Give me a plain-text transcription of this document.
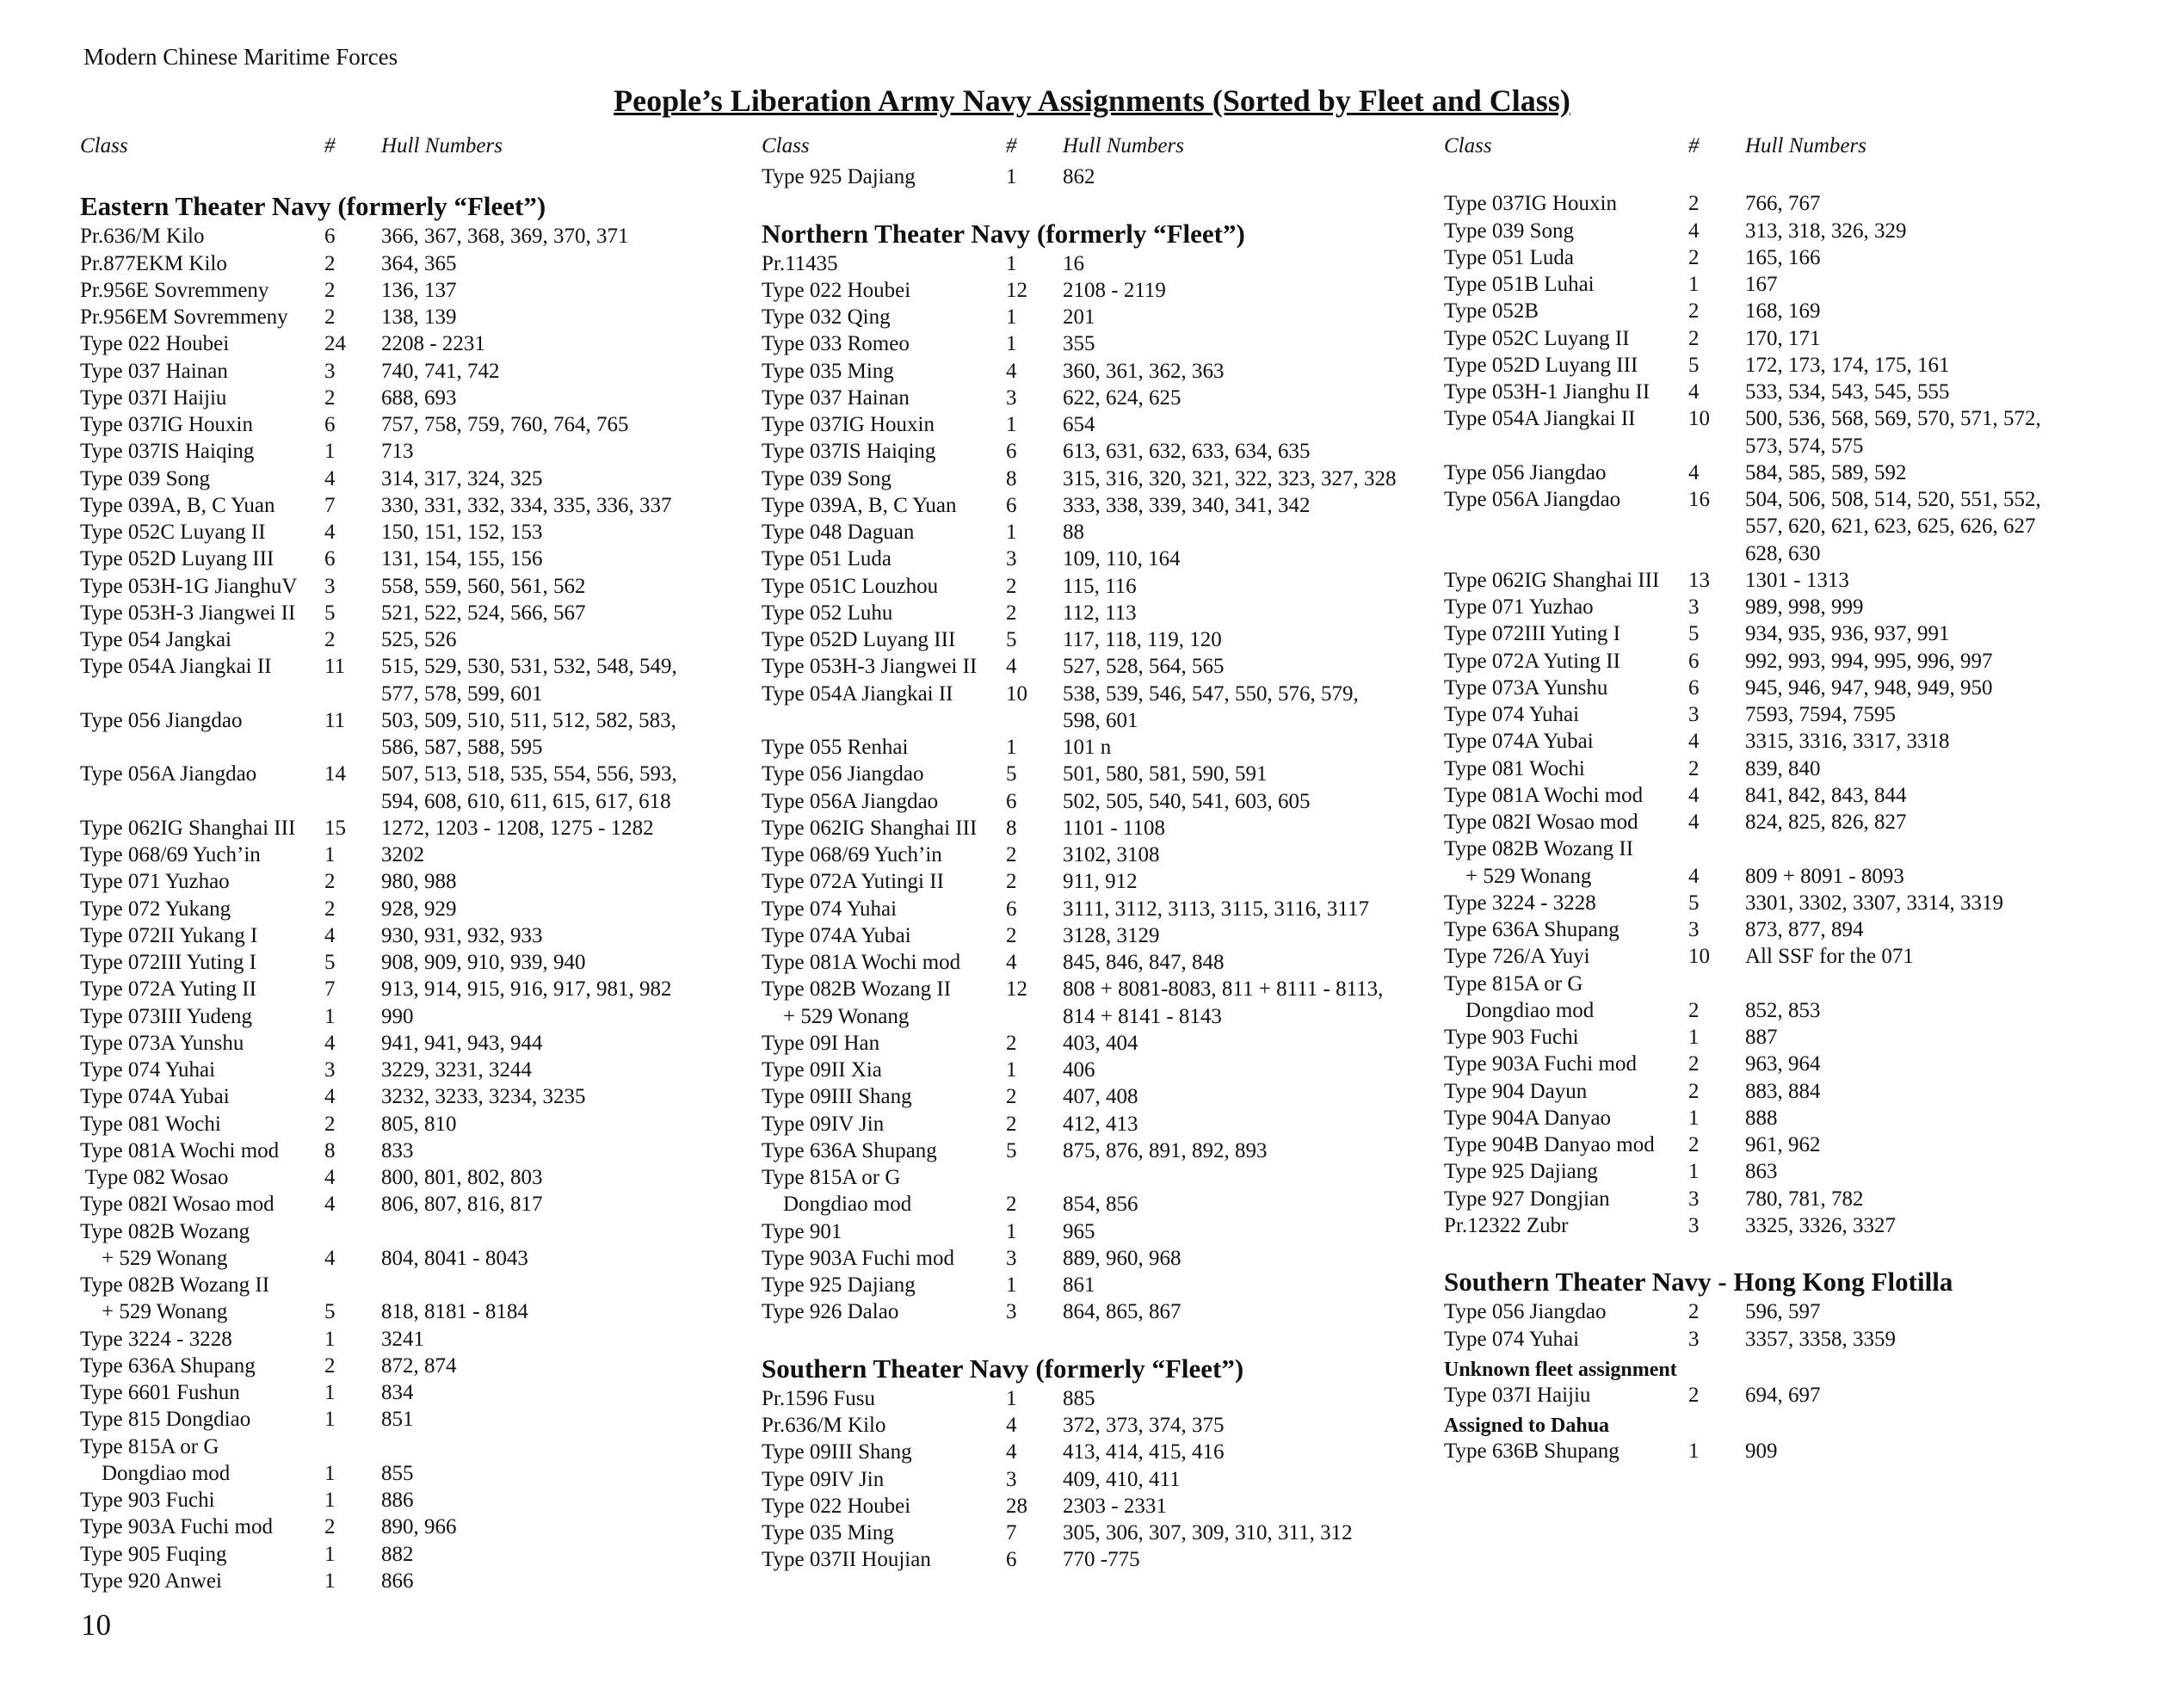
Modern Chinese Maritime Forces
People’s Liberation Army Navy Assignments (Sorted by Fleet and Class)
Class	# Hull Numbers
Eastern Theater Navy (formerly “Fleet”)
Pr.636/M Kilo	6 366, 367, 368, 369, 370, 371
Pr.877EKM Kilo	2 364, 365
Pr.956E Sovremmeny	2 136, 137
Pr.956EM Sovremmeny 2 138, 139
Type 022 Houbei	24 2208 - 2231
Type 037 Hainan	3 740, 741, 742
Type 037I Haijiu	2 688, 693
Type 037IG Houxin	6 757, 758, 759, 760, 764, 765
Type 037IS Haiqing	1 713
Type 039 Song	4 314, 317, 324, 325
Type 039A, B, C Yuan 7 330, 331, 332, 334, 335, 336, 337
Type 052C Luyang II	4 150, 151, 152, 153
Type 052D Luyang III 6 131, 154, 155, 156
Type 053H-1G JianghuV 3 558, 559, 560, 561, 562
Type 053H-3 Jiangwei II 5 521, 522, 524, 566, 567
Type 054 Jangkai	2 525, 526
Type 054A Jiangkai II 11 515, 529, 530, 531, 532, 548, 549,
577, 578, 599, 601
Type 056 Jiangdao	11 503, 509, 510, 511, 512, 582, 583,
586, 587, 588, 595
Type 056A Jiangdao	14 507, 513, 518, 535, 554, 556, 593,
594, 608, 610, 611, 615, 617, 618
Type 062IG Shanghai III 15 1272, 1203 - 1208, 1275 - 1282
Type 068/69 Yuch’in	1 3202
Type 071 Yuzhao	2 980, 988
Type 072 Yukang	2 928, 929
Type 072II Yukang I	4 930, 931, 932, 933
Type 072III Yuting I	5 908, 909, 910, 939, 940
Type 072A Yuting II	7 913, 914, 915, 916, 917, 981, 982
Type 073III Yudeng	1 990
Type 073A Yunshu	4 941, 941, 943, 944
Type 074 Yuhai	3 3229, 3231, 3244
Type 074A Yubai	4 3232, 3233, 3234, 3235
Type 081 Wochi	2 805, 810
Type 081A Wochi mod 8 833
Type 082 Wosao	4 800, 801, 802, 803
Type 082I Wosao mod 4 806, 807, 816, 817
Type 082B Wozang
+ 529 Wonang	4 804, 8041 - 8043
Type 082B Wozang II
+ 529 Wonang	5 818, 8181 - 8184
Type 3224 - 3228	1 3241
Type 636A Shupang	2 872, 874
Type 6601 Fushun	1 834
Type 815 Dongdiao	1 851
Type 815A or G
Dongdiao mod	1 855
Type 903 Fuchi	1 886
Type 903A Fuchi mod 2 890, 966
Type 905 Fuqing	1 882
Type 920 Anwei	1 866
Class	# Hull Numbers
Type 925 Dajiang	1 862
Northern Theater Navy (formerly “Fleet”)
Pr.11435	1 16
Type 022 Houbei	12 2108 - 2119
Type 032 Qing	1 201
Type 033 Romeo	1 355
Type 035 Ming	4 360, 361, 362, 363
Type 037 Hainan	3 622, 624, 625
Type 037IG Houxin	1 654
Type 037IS Haiqing	6 613, 631, 632, 633, 634, 635
Type 039 Song	8 315, 316, 320, 321, 322, 323, 327, 328
Type 039A, B, C Yuan 6 333, 338, 339, 340, 341, 342
Type 048 Daguan	1 88
Type 051 Luda	3 109, 110, 164
Type 051C Louzhou	2 115, 116
Type 052 Luhu	2 112, 113
Type 052D Luyang III 5 117, 118, 119, 120
Type 053H-3 Jiangwei II 4 527, 528, 564, 565
Type 054A Jiangkai II 10 538, 539, 546, 547, 550, 576, 579,
598, 601
Type 055 Renhai	1 101 n
Type 056 Jiangdao	5 501, 580, 581, 590, 591
Type 056A Jiangdao	6 502, 505, 540, 541, 603, 605
Type 062IG Shanghai III 8 1101 - 1108
Type 068/69 Yuch’in	2 3102, 3108
Type 072A Yutingi II	2 911, 912
Type 074 Yuhai	6 3111, 3112, 3113, 3115, 3116, 3117
Type 074A Yubai	2 3128, 3129
Type 081A Wochi mod 4 845, 846, 847, 848
Type 082B Wozang II	12 808 + 8081-8083, 811 + 8111 - 8113,
+ 529 Wonang	814 + 8141 - 8143
Type 09I Han	2 403, 404
Type 09II Xia	1 406
Type 09III Shang	2 407, 408
Type 09IV Jin	2 412, 413
Type 636A Shupang	5 875, 876, 891, 892, 893
Type 815A or G
Dongdiao mod	2 854, 856
Type 901	1 965
Type 903A Fuchi mod 3 889, 960, 968
Type 925 Dajiang	1 861
Type 926 Dalao	3 864, 865, 867
Southern Theater Navy (formerly “Fleet”)
Pr.1596 Fusu	1 885
Pr.636/M Kilo	4 372, 373, 374, 375
Type 09III Shang	4 413, 414, 415, 416
Type 09IV Jin	3 409, 410, 411
Type 022 Houbei	28 2303 - 2331
Type 035 Ming	7 305, 306, 307, 309, 310, 311, 312
Type 037II Houjian	6 770 -775
Class	# Hull Numbers
Type 037IG Houxin	2 766, 767
Type 039 Song	4 313, 318, 326, 329
Type 051 Luda	2 165, 166
Type 051B Luhai	1 167
Type 052B	2 168, 169
Type 052C Luyang II	2 170, 171
Type 052D Luyang III 5 172, 173, 174, 175, 161
Type 053H-1 Jianghu II 4 533, 534, 543, 545, 555
Type 054A Jiangkai II 10 500, 536, 568, 569, 570, 571, 572,
573, 574, 575
Type 056 Jiangdao	4 584, 585, 589, 592
Type 056A Jiangdao	16 504, 506, 508, 514, 520, 551, 552,
557, 620, 621, 623, 625, 626, 627
628, 630
Type 062IG Shanghai III 13 1301 - 1313
Type 071 Yuzhao	3 989, 998, 999
Type 072III Yuting I	5 934, 935, 936, 937, 991
Type 072A Yuting II	6 992, 993, 994, 995, 996, 997
Type 073A Yunshu	6 945, 946, 947, 948, 949, 950
Type 074 Yuhai	3 7593, 7594, 7595
Type 074A Yubai	4 3315, 3316, 3317, 3318
Type 081 Wochi	2 839, 840
Type 081A Wochi mod 4 841, 842, 843, 844
Type 082I Wosao mod 4 824, 825, 826, 827
Type 082B Wozang II
+ 529 Wonang	4 809 + 8091 - 8093
Type 3224 - 3228	5 3301, 3302, 3307, 3314, 3319
Type 636A Shupang	3 873, 877, 894
Type 726/A Yuyi	10 All SSF for the 071
Type 815A or G
Dongdiao mod	2 852, 853
Type 903 Fuchi	1 887
Type 903A Fuchi mod 2 963, 964
Type 904 Dayun	2 883, 884
Type 904A Danyao	1 888
Type 904B Danyao mod 2 961, 962
Type 925 Dajiang	1 863
Type 927 Dongjian	3 780, 781, 782
Pr.12322 Zubr	3 3325, 3326, 3327
Southern Theater Navy - Hong Kong Flotilla
Type 056 Jiangdao	2 596, 597
Type 074 Yuhai	3 3357, 3358, 3359
Unknown fleet assignment
Type 037I Haijiu	2 694, 697
Assigned to Dahua
Type 636B Shupang	1 909
10
